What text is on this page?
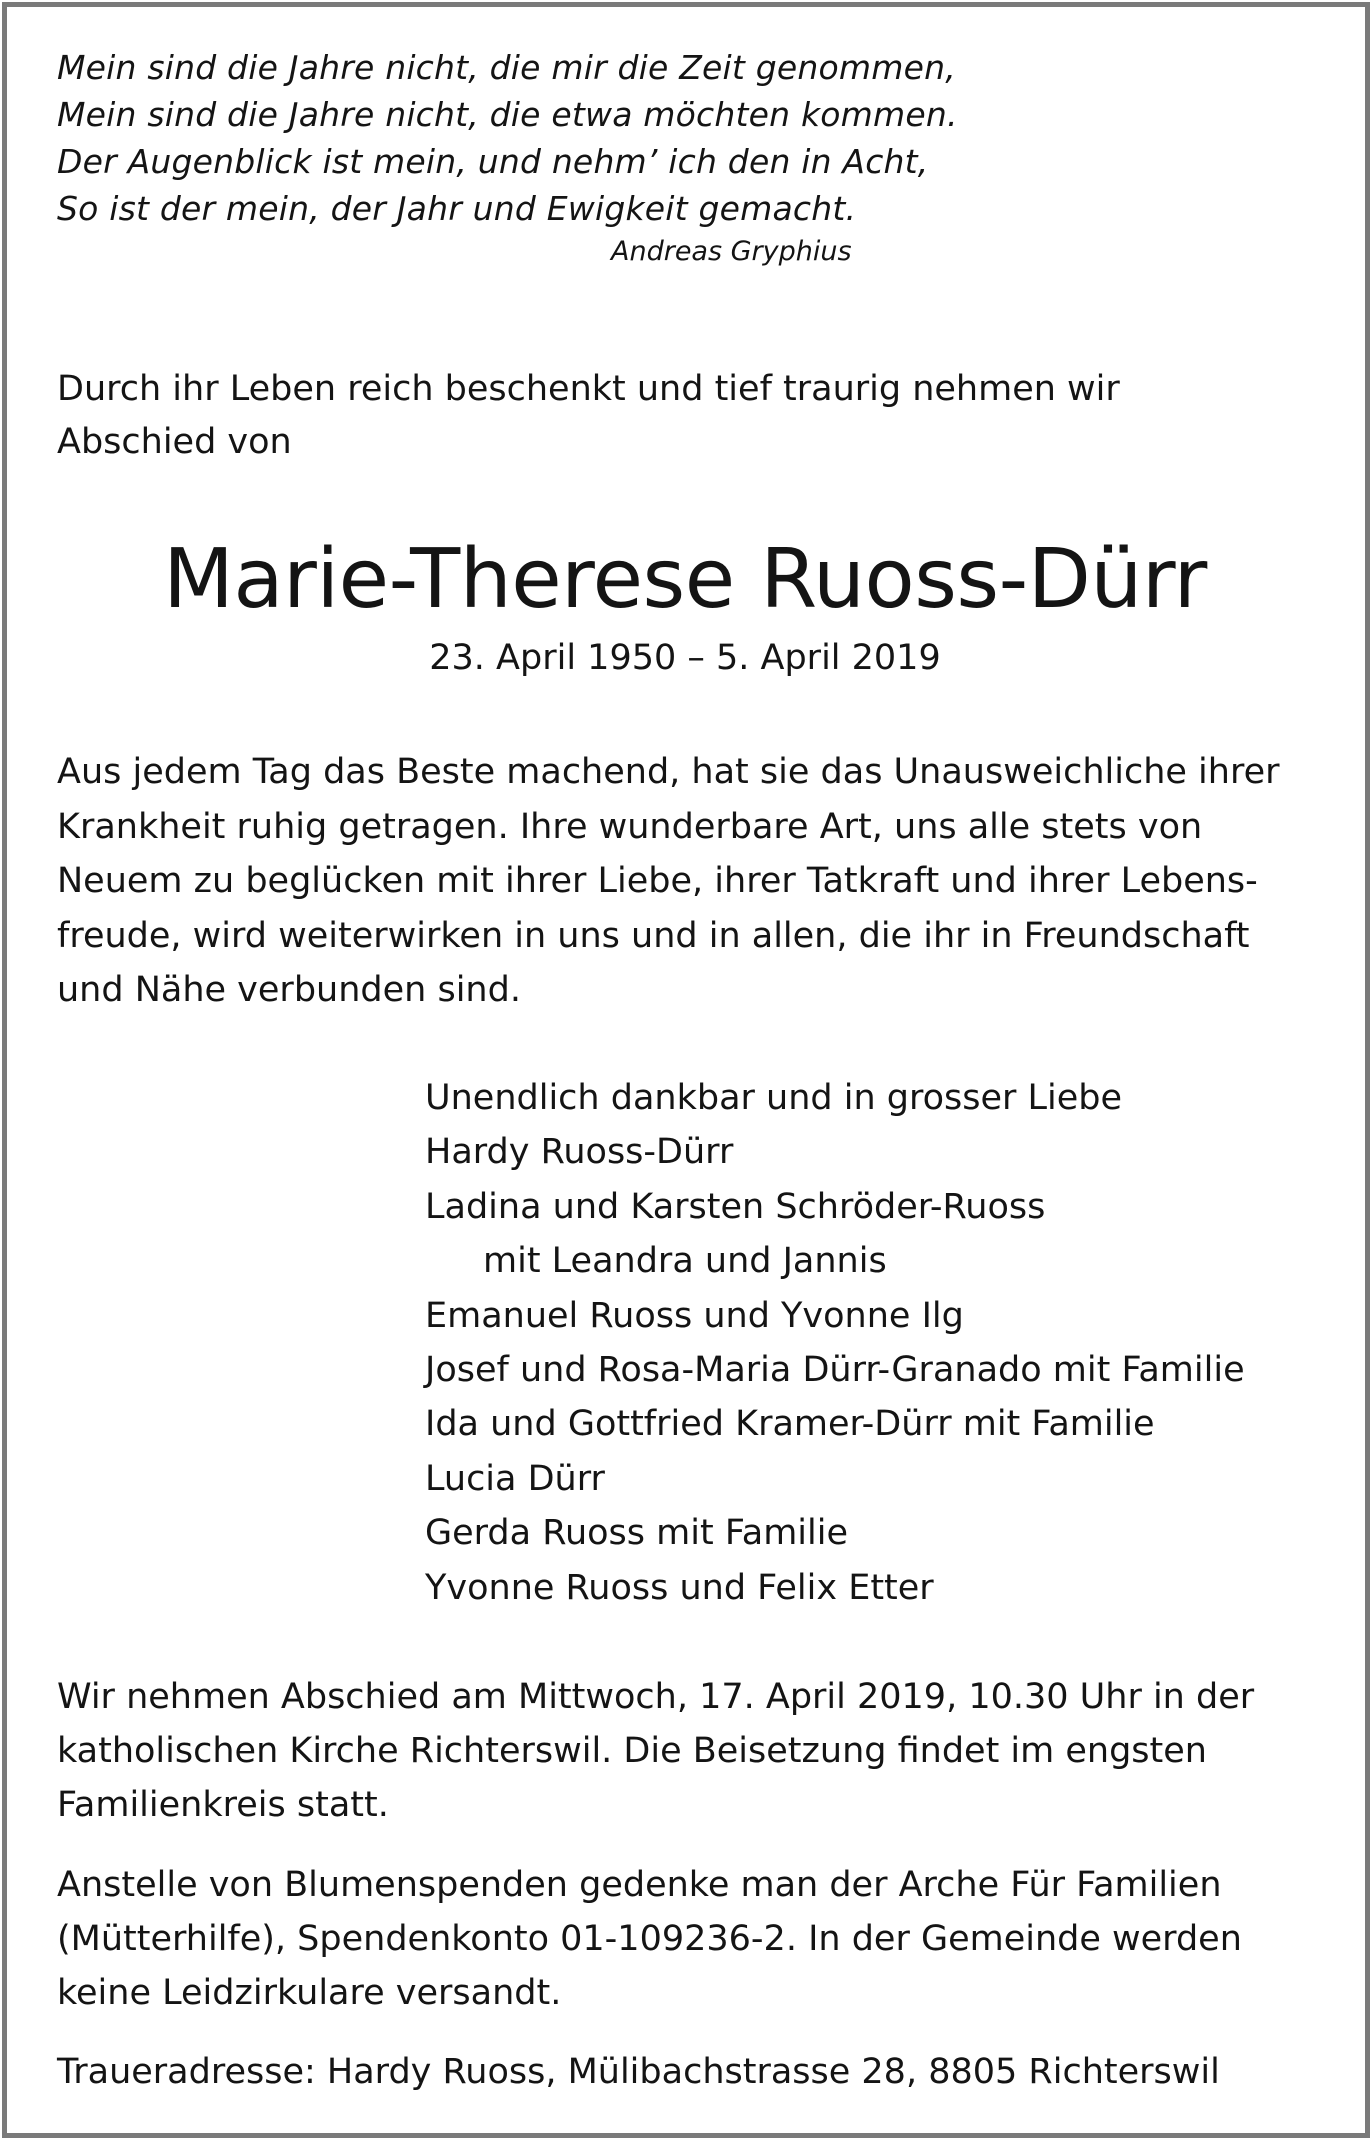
Mein sind die Jahre nicht, die mir die Zeit genommen,
Mein sind die Jahre nicht, die etwa möchten kommen.
Der Augenblick ist mein, und nehm’ ich den in Acht,
So ist der mein, der Jahr und Ewigkeit gemacht.
Andreas Gryphius
Durch ihr Leben reich beschenkt und tief traurig nehmen wir
Abschied von
Marie-Therese Ruoss-Dürr
23. April 1950 – 5. April 2019
Aus jedem Tag das Beste machend, hat sie das Unausweichliche ihrer
Krankheit ruhig getragen. Ihre wunderbare Art, uns alle stets von
Neuem zu beglücken mit ihrer Liebe, ihrer Tatkraft und ihrer Lebens-
freude, wird weiterwirken in uns und in allen, die ihr in Freundschaft
und Nähe verbunden sind.
Unendlich dankbar und in grosser Liebe
Hardy Ruoss-Dürr
Ladina und Karsten Schröder-Ruoss
mit Leandra und Jannis
Emanuel Ruoss und Yvonne Ilg
Josef und Rosa-Maria Dürr-Granado mit Familie
Ida und Gottfried Kramer-Dürr mit Familie
Lucia Dürr
Gerda Ruoss mit Familie
Yvonne Ruoss und Felix Etter
Wir nehmen Abschied am Mittwoch, 17. April 2019, 10.30 Uhr in der
katholischen Kirche Richterswil. Die Beisetzung findet im engsten
Familienkreis statt.
Anstelle von Blumenspenden gedenke man der Arche Für Familien
(Mütterhilfe), Spendenkonto 01-109236-2. In der Gemeinde werden
keine Leidzirkulare versandt.
Traueradresse: Hardy Ruoss, Mülibachstrasse 28, 8805 Richterswil
